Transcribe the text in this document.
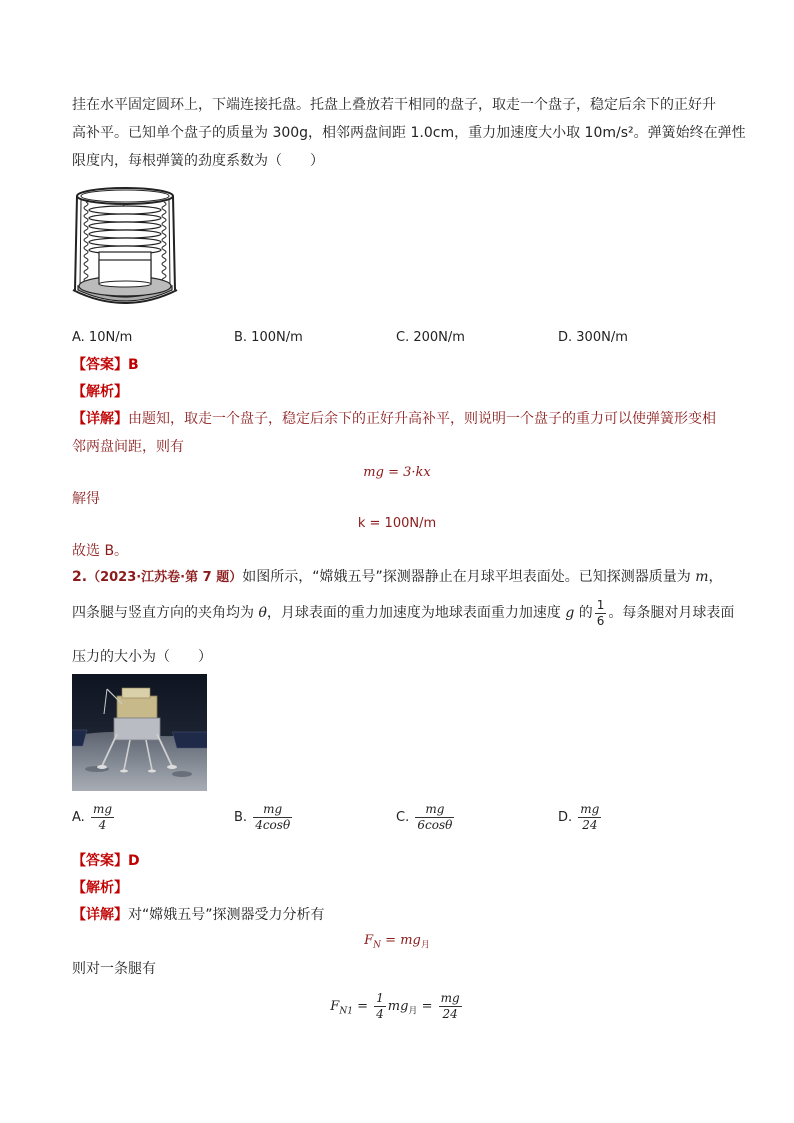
挂在水平固定圆环上，下端连接托盘。托盘上叠放若干相同的盘子，取走一个盘子，稳定后余下的正好升
高补平。已知单个盘子的质量为 300g，相邻两盘间距 1.0cm，重力加速度大小取 10m/s²。弹簧始终在弹性
限度内，每根弹簧的劲度系数为（　　）
A. 10N/m	B. 100N/m	C. 200N/m	D. 300N/m
【答案】B
【解析】
【详解】由题知，取走一个盘子，稳定后余下的正好升高补平，则说明一个盘子的重力可以使弹簧形变相
邻两盘间距，则有
mg = 3·kx
解得
k = 100N/m
故选 B。
2.（2023·江苏卷·第 7 题）如图所示，“嫦娥五号”探测器静止在月球平坦表面处。已知探测器质量为 m，
四条腿与竖直方向的夹角均为 θ，月球表面的重力加速度为地球表面重力加速度 g 的 $\frac{1}{6}$ 。每条腿对月球表面
压力的大小为（　　）
A. $\frac{mg}{4}$	B. $\frac{mg}{4\cos\theta}$	C. $\frac{mg}{6\cos\theta}$	D. $\frac{mg}{24}$
【答案】D
【解析】
【详解】对“嫦娥五号”探测器受力分析有
$F_N = mg_月$
则对一条腿有
$F_{N1} = \frac{1}{4} mg_月 = \frac{mg}{24}$
